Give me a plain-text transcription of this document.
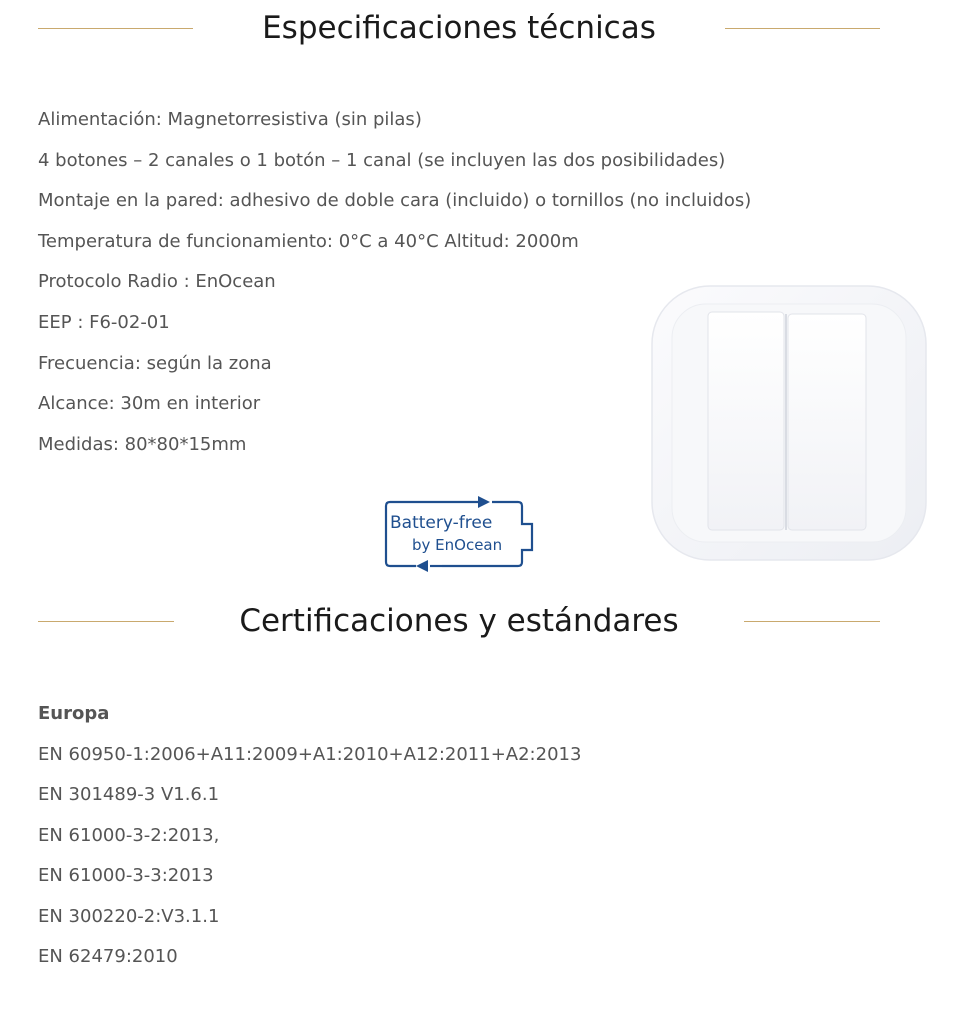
Especificaciones técnicas
Alimentación: Magnetorresistiva (sin pilas)
4 botones – 2 canales o 1 botón – 1 canal (se incluyen las dos posibilidades)
Montaje en la pared: adhesivo de doble cara (incluido) o tornillos (no incluidos)
Temperatura de funcionamiento: 0°C a 40°C Altitud: 2000m
Protocolo Radio : EnOcean
EEP : F6-02-01
Frecuencia: según la zona
Alcance: 30m en interior
Medidas: 80*80*15mm
Battery-free
by EnOcean
Certificaciones y estándares
Europa
EN 60950-1:2006+A11:2009+A1:2010+A12:2011+A2:2013
EN 301489-3 V1.6.1
EN 61000-3-2:2013,
EN 61000-3-3:2013
EN 300220-2:V3.1.1
EN 62479:2010
